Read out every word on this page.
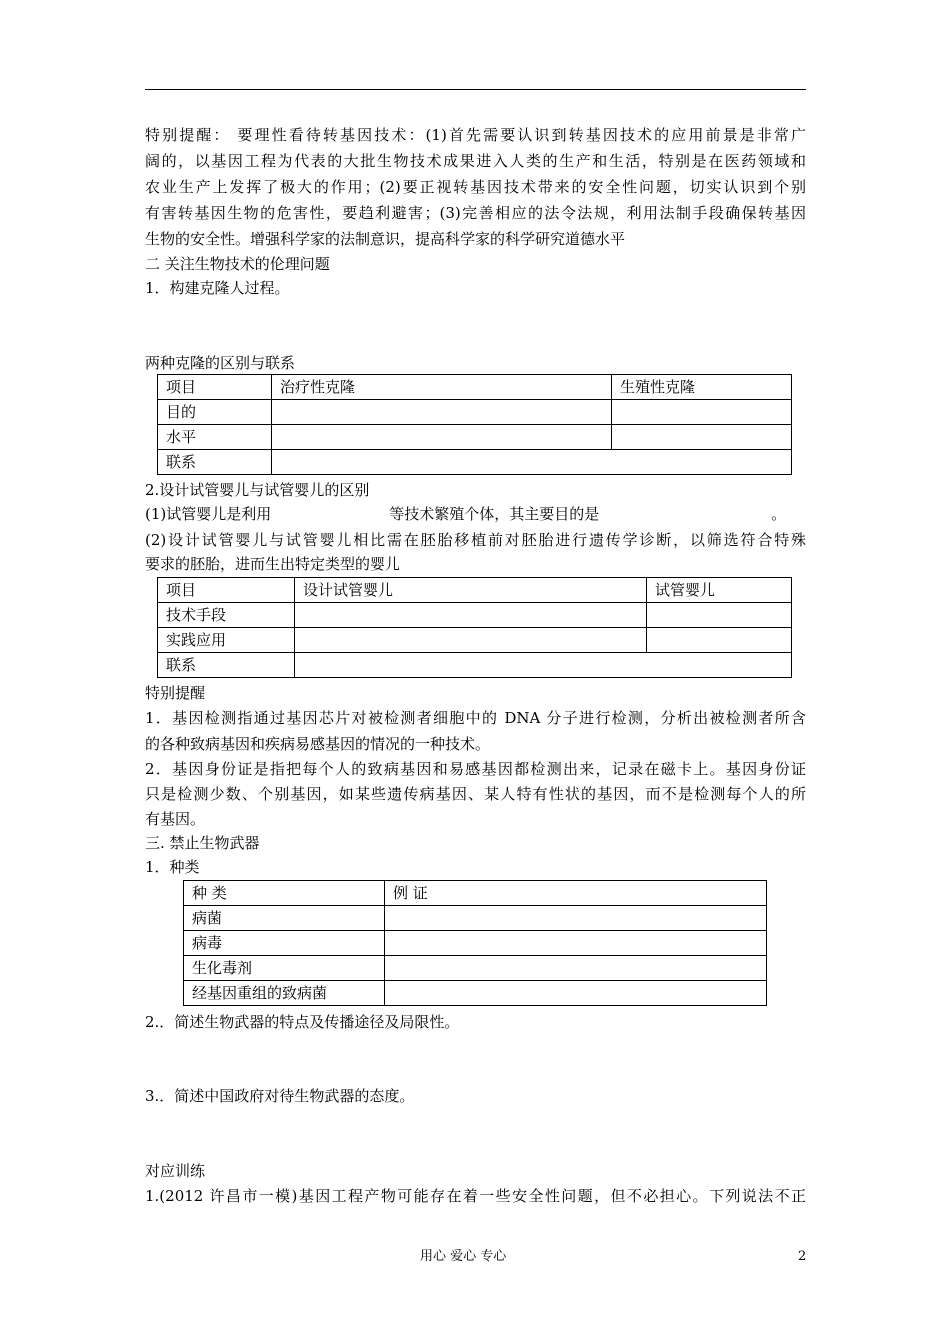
特别提醒： 要理性看待转基因技术：(1)首先需要认识到转基因技术的应用前景是非常广
阔的，以基因工程为代表的大批生物技术成果进入人类的生产和生活，特别是在医药领域和
农业生产上发挥了极大的作用；(2)要正视转基因技术带来的安全性问题，切实认识到个别
有害转基因生物的危害性，要趋利避害；(3)完善相应的法令法规，利用法制手段确保转基因
生物的安全性。增强科学家的法制意识，提高科学家的科学研究道德水平
二 关注生物技术的伦理问题
1．构建克隆人过程。
两种克隆的区别与联系
项目	治疗性克隆	生殖性克隆
目的		
水平		
联系		
2.设计试管婴儿与试管婴儿的区别
(1)试管婴儿是利用	等技术繁殖个体，其主要目的是	。
(2)设计试管婴儿与试管婴儿相比需在胚胎移植前对胚胎进行遗传学诊断，以筛选符合特殊
要求的胚胎，进而生出特定类型的婴儿
项目	设计试管婴儿	试管婴儿
技术手段		
实践应用		
联系		
特别提醒
1．基因检测指通过基因芯片对被检测者细胞中的 DNA 分子进行检测，分析出被检测者所含
的各种致病基因和疾病易感基因的情况的一种技术。
2．基因身份证是指把每个人的致病基因和易感基因都检测出来，记录在磁卡上。基因身份证
只是检测少数、个别基因，如某些遗传病基因、某人特有性状的基因，而不是检测每个人的所
有基因。
三. 禁止生物武器
1．种类
种 类	例 证
病菌	
病毒	
生化毒剂	
经基因重组的致病菌	
2.．简述生物武器的特点及传播途径及局限性。
3.．简述中国政府对待生物武器的态度。
对应训练
1.(2012 许昌市一模)基因工程产物可能存在着一些安全性问题，但不必担心。下列说法不正
用心 爱心 专心	2
